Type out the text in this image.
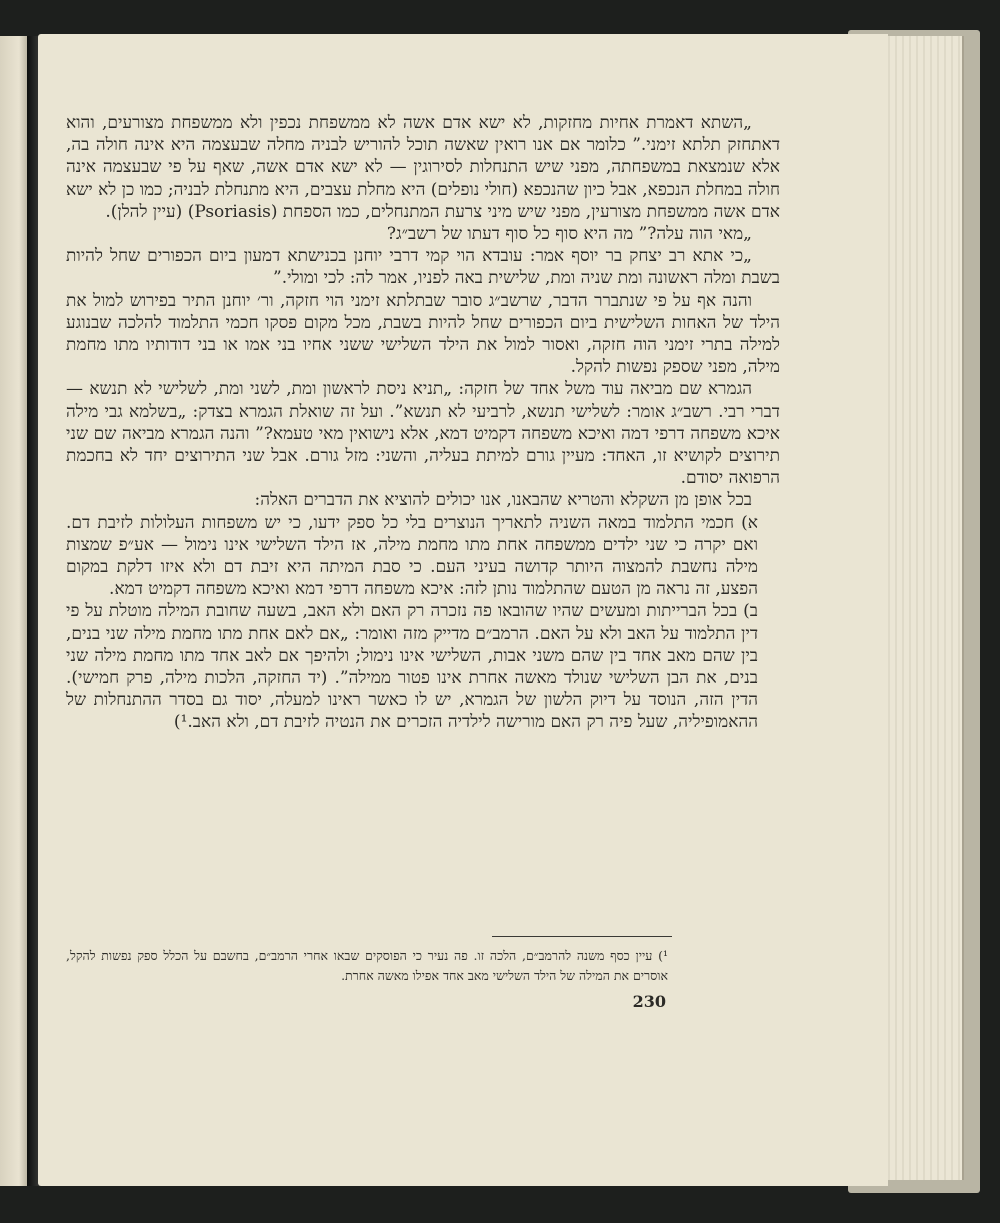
„השתא דאמרת אחיות מחזקות, לא ישא אדם אשה לא ממשפחת נכפין ולא ממשפחת מצורעים, והוא דאתחזק תלתא זימני.” כלומר אם אנו רואין שאשה תוכל להוריש לבניה מחלה שבעצמה היא אינה חולה בה, אלא שנמצאת במשפחתה, מפני שיש התנחלות לסירוגין — לא ישא אדם אשה, שאף על פי שבעצמה אינה חולה במחלת הנכפא, אבל כיון שהנכפא (חולי נופלים) היא מחלת עצבים, היא מתנחלת לבניה; כמו כן לא ישא אדם אשה ממשפחת מצורעין, מפני שיש מיני צרעת המתנחלים, כמו הספחת (Psoriasis) (עיין להלן).

„מאי הוה עלה?” מה היא סוף כל סוף דעתו של רשב״ג?

„כי אתא רב יצחק בר יוסף אמר: עובדא הוי קמי דרבי יוחנן בכנישתא דמעון ביום הכפורים שחל להיות בשבת ומלה ראשונה ומת שניה ומת, שלישית באה לפניו, אמר לה: לכי ומולי.”

והנה אף על פי שנתברר הדבר, שרשב״ג סובר שבתלתא זימני הוי חזקה, ור׳ יוחנן התיר בפירוש למול את הילד של האחות השלישית ביום הכפורים שחל להיות בשבת, מכל מקום פסקו חכמי התלמוד להלכה שבנוגע למילה בתרי זימני הוה חזקה, ואסור למול את הילד השלישי ששני אחיו בני אמו או בני דודותיו מתו מחמת מילה, מפני שספק נפשות להקל.

הגמרא שם מביאה עוד משל אחד של חזקה: „תניא ניסת לראשון ומת, לשני ומת, לשלישי לא תנשא — דברי רבי. רשב״ג אומר: לשלישי תנשא, לרביעי לא תנשא”. ועל זה שואלת הגמרא בצדק: „בשלמא גבי מילה איכא משפחה דרפי דמה ואיכא משפחה דקמיט דמא, אלא נישואין מאי טעמא?” והנה הגמרא מביאה שם שני תירוצים לקושיא זו, האחד: מעיין גורם למיתת בעליה, והשני: מזל גורם. אבל שני התירוצים יחד לא בחכמת הרפואה יסודם.

בכל אופן מן השקלא והטריא שהבאנו, אנו יכולים להוציא את הדברים האלה:

א) חכמי התלמוד במאה השניה לתאריך הנוצרים בלי כל ספק ידעו, כי יש משפחות העלולות לזיבת דם. ואם יקרה כי שני ילדים ממשפחה אחת מתו מחמת מילה, אז הילד השלישי אינו נימול — אע״פ שמצות מילה נחשבת להמצוה היותר קדושה בעיני העם. כי סבת המיתה היא זיבת דם ולא איזו דלקת במקום הפצע, זה נראה מן הטעם שהתלמוד נותן לזה: איכא משפחה דרפי דמא ואיכא משפחה דקמיט דמא.

ב) בכל הברייתות ומעשים שהיו שהובאו פה נזכרה רק האם ולא האב, בשעה שחובת המילה מוטלת על פי דין התלמוד על האב ולא על האם. הרמב״ם מדייק מזה ואומר: „אם לאם אחת מתו מחמת מילה שני בנים, בין שהם מאב אחד בין שהם משני אבות, השלישי אינו נימול; ולהיפך אם לאב אחד מתו מחמת מילה שני בנים, את הבן השלישי שנולד מאשה אחרת אינו פטור ממילה”. (יד החזקה, הלכות מילה, פרק חמישי). הדין הזה, הנוסד על דיוק הלשון של הגמרא, יש לו כאשר ראינו למעלה, יסוד גם בסדר ההתנחלות של ההאמופיליה, שעל פיה רק האם מורישה לילדיה הזכרים את הנטיה לזיבת דם, ולא האב.¹)

¹) עיין כסף משנה להרמב״ם, הלכה זו. פה נעיר כי הפוסקים שבאו אחרי הרמב״ם, בחשבם על הכלל ספק נפשות להקל, אוסרים את המילה של הילד השלישי מאב אחד אפילו מאשה אחרת.
230
